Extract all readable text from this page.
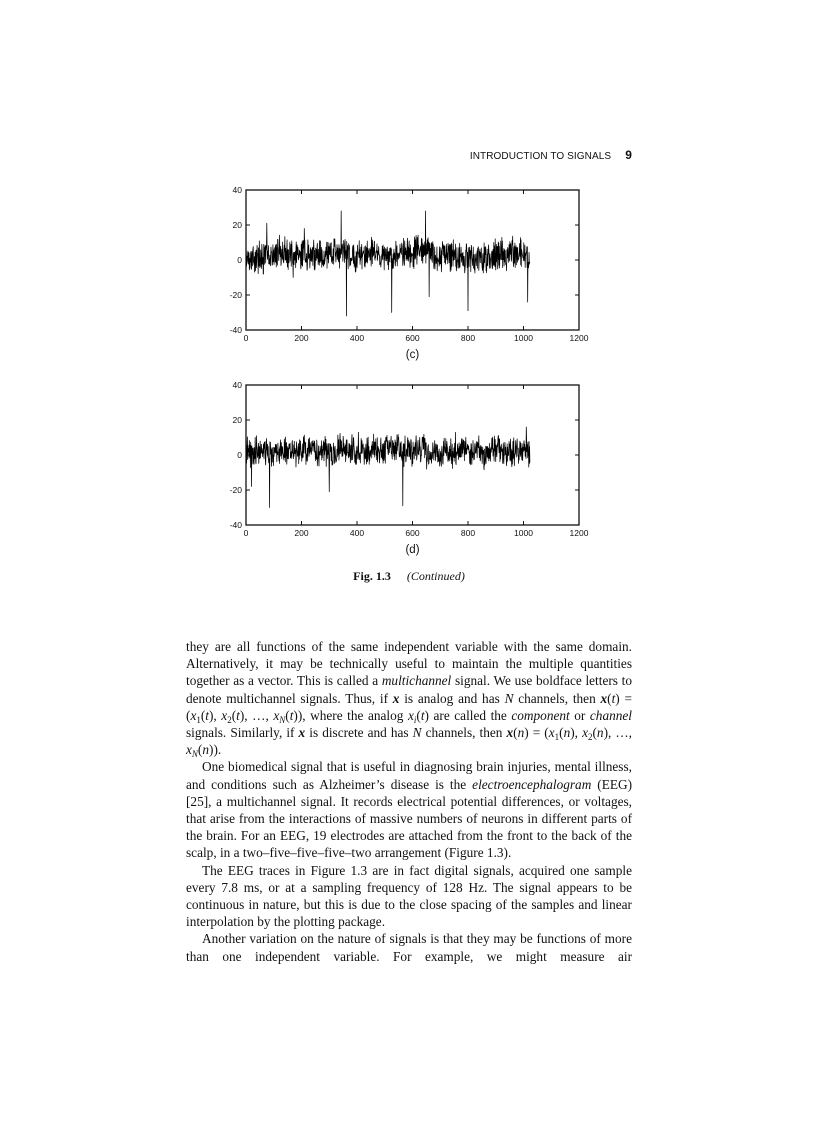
INTRODUCTION TO SIGNALS 9
40
20
0
-20
-40
0	200	400	600	800	1000	1200
(c)
40
20
0
-20
-40
0	200	400	600	800	1000	1200
(d)
Fig. 1.3 (Continued)

they are all functions of the same independent variable with the same domain. Alternatively, it may be technically useful to maintain the multiple quantities together as a vector. This is called a multichannel signal. We use boldface letters to denote multichannel signals. Thus, if x is analog and has N channels, then $x(t) = (x_1(t)$, $x_2(t)$, …, $x_N(t)$), where the analog $x_i(t)$ are called the component or channel signals. Similarly, if x is discrete and has N channels, then $x(n) = (x_1(n)$, $x_2(n)$, …, $x_N(n)$).

One biomedical signal that is useful in diagnosing brain injuries, mental illness, and conditions such as Alzheimer’s disease is the electroencephalogram (EEG) [25], a multichannel signal. It records electrical potential differences, or voltages, that arise from the interactions of massive numbers of neurons in different parts of the brain. For an EEG, 19 electrodes are attached from the front to the back of the scalp, in a two–five–five–five–two arrangement (Figure 1.3).

The EEG traces in Figure 1.3 are in fact digital signals, acquired one sample every 7.8 ms, or at a sampling frequency of 128 Hz. The signal appears to be continuous in nature, but this is due to the close spacing of the samples and linear interpolation by the plotting package.

Another variation on the nature of signals is that they may be functions of more than one independent variable. For example, we might measure air
